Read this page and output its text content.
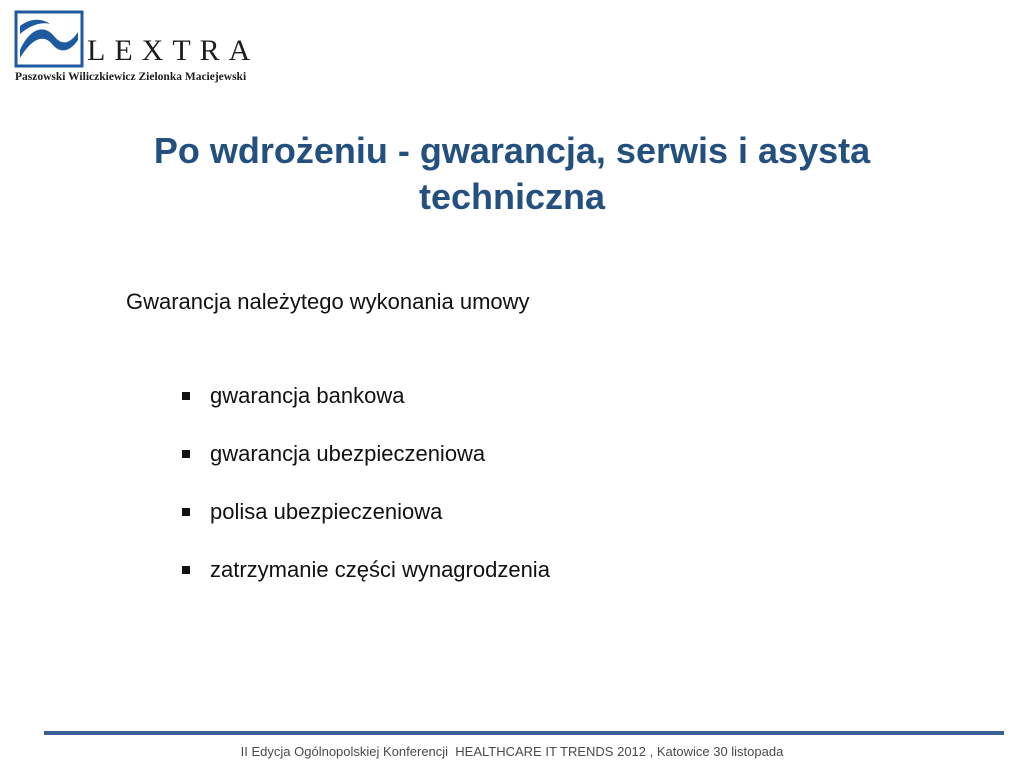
LEXTRA
Paszowski Wiliczkiewicz Zielonka Maciejewski
Po wdrożeniu - gwarancja, serwis i asysta
techniczna

Gwarancja należytego wykonania umowy

gwarancja bankowa
gwarancja ubezpieczeniowa
polisa ubezpieczeniowa
zatrzymanie części wynagrodzenia
II Edycja Ogólnopolskiej Konferencji  HEALTHCARE IT TRENDS 2012 , Katowice 30 listopada
